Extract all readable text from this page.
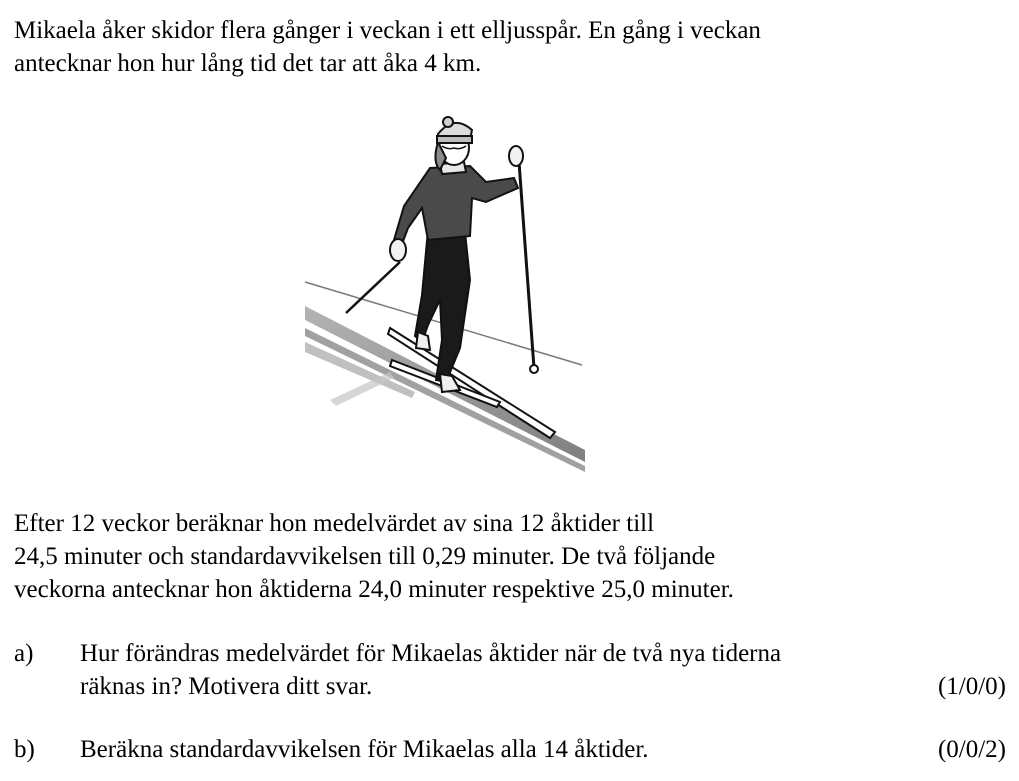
Mikaela åker skidor flera gånger i veckan i ett elljusspår. En gång i veckan
antecknar hon hur lång tid det tar att åka 4 km.
Efter 12 veckor beräknar hon medelvärdet av sina 12 åktider till
24,5 minuter och standardavvikelsen till 0,29 minuter. De två följande
veckorna antecknar hon åktiderna 24,0 minuter respektive 25,0 minuter.
a) Hur förändras medelvärdet för Mikaelas åktider när de två nya tiderna
räknas in? Motivera ditt svar.	(1/0/0)
b) Beräkna standardavvikelsen för Mikaelas alla 14 åktider.	(0/0/2)
